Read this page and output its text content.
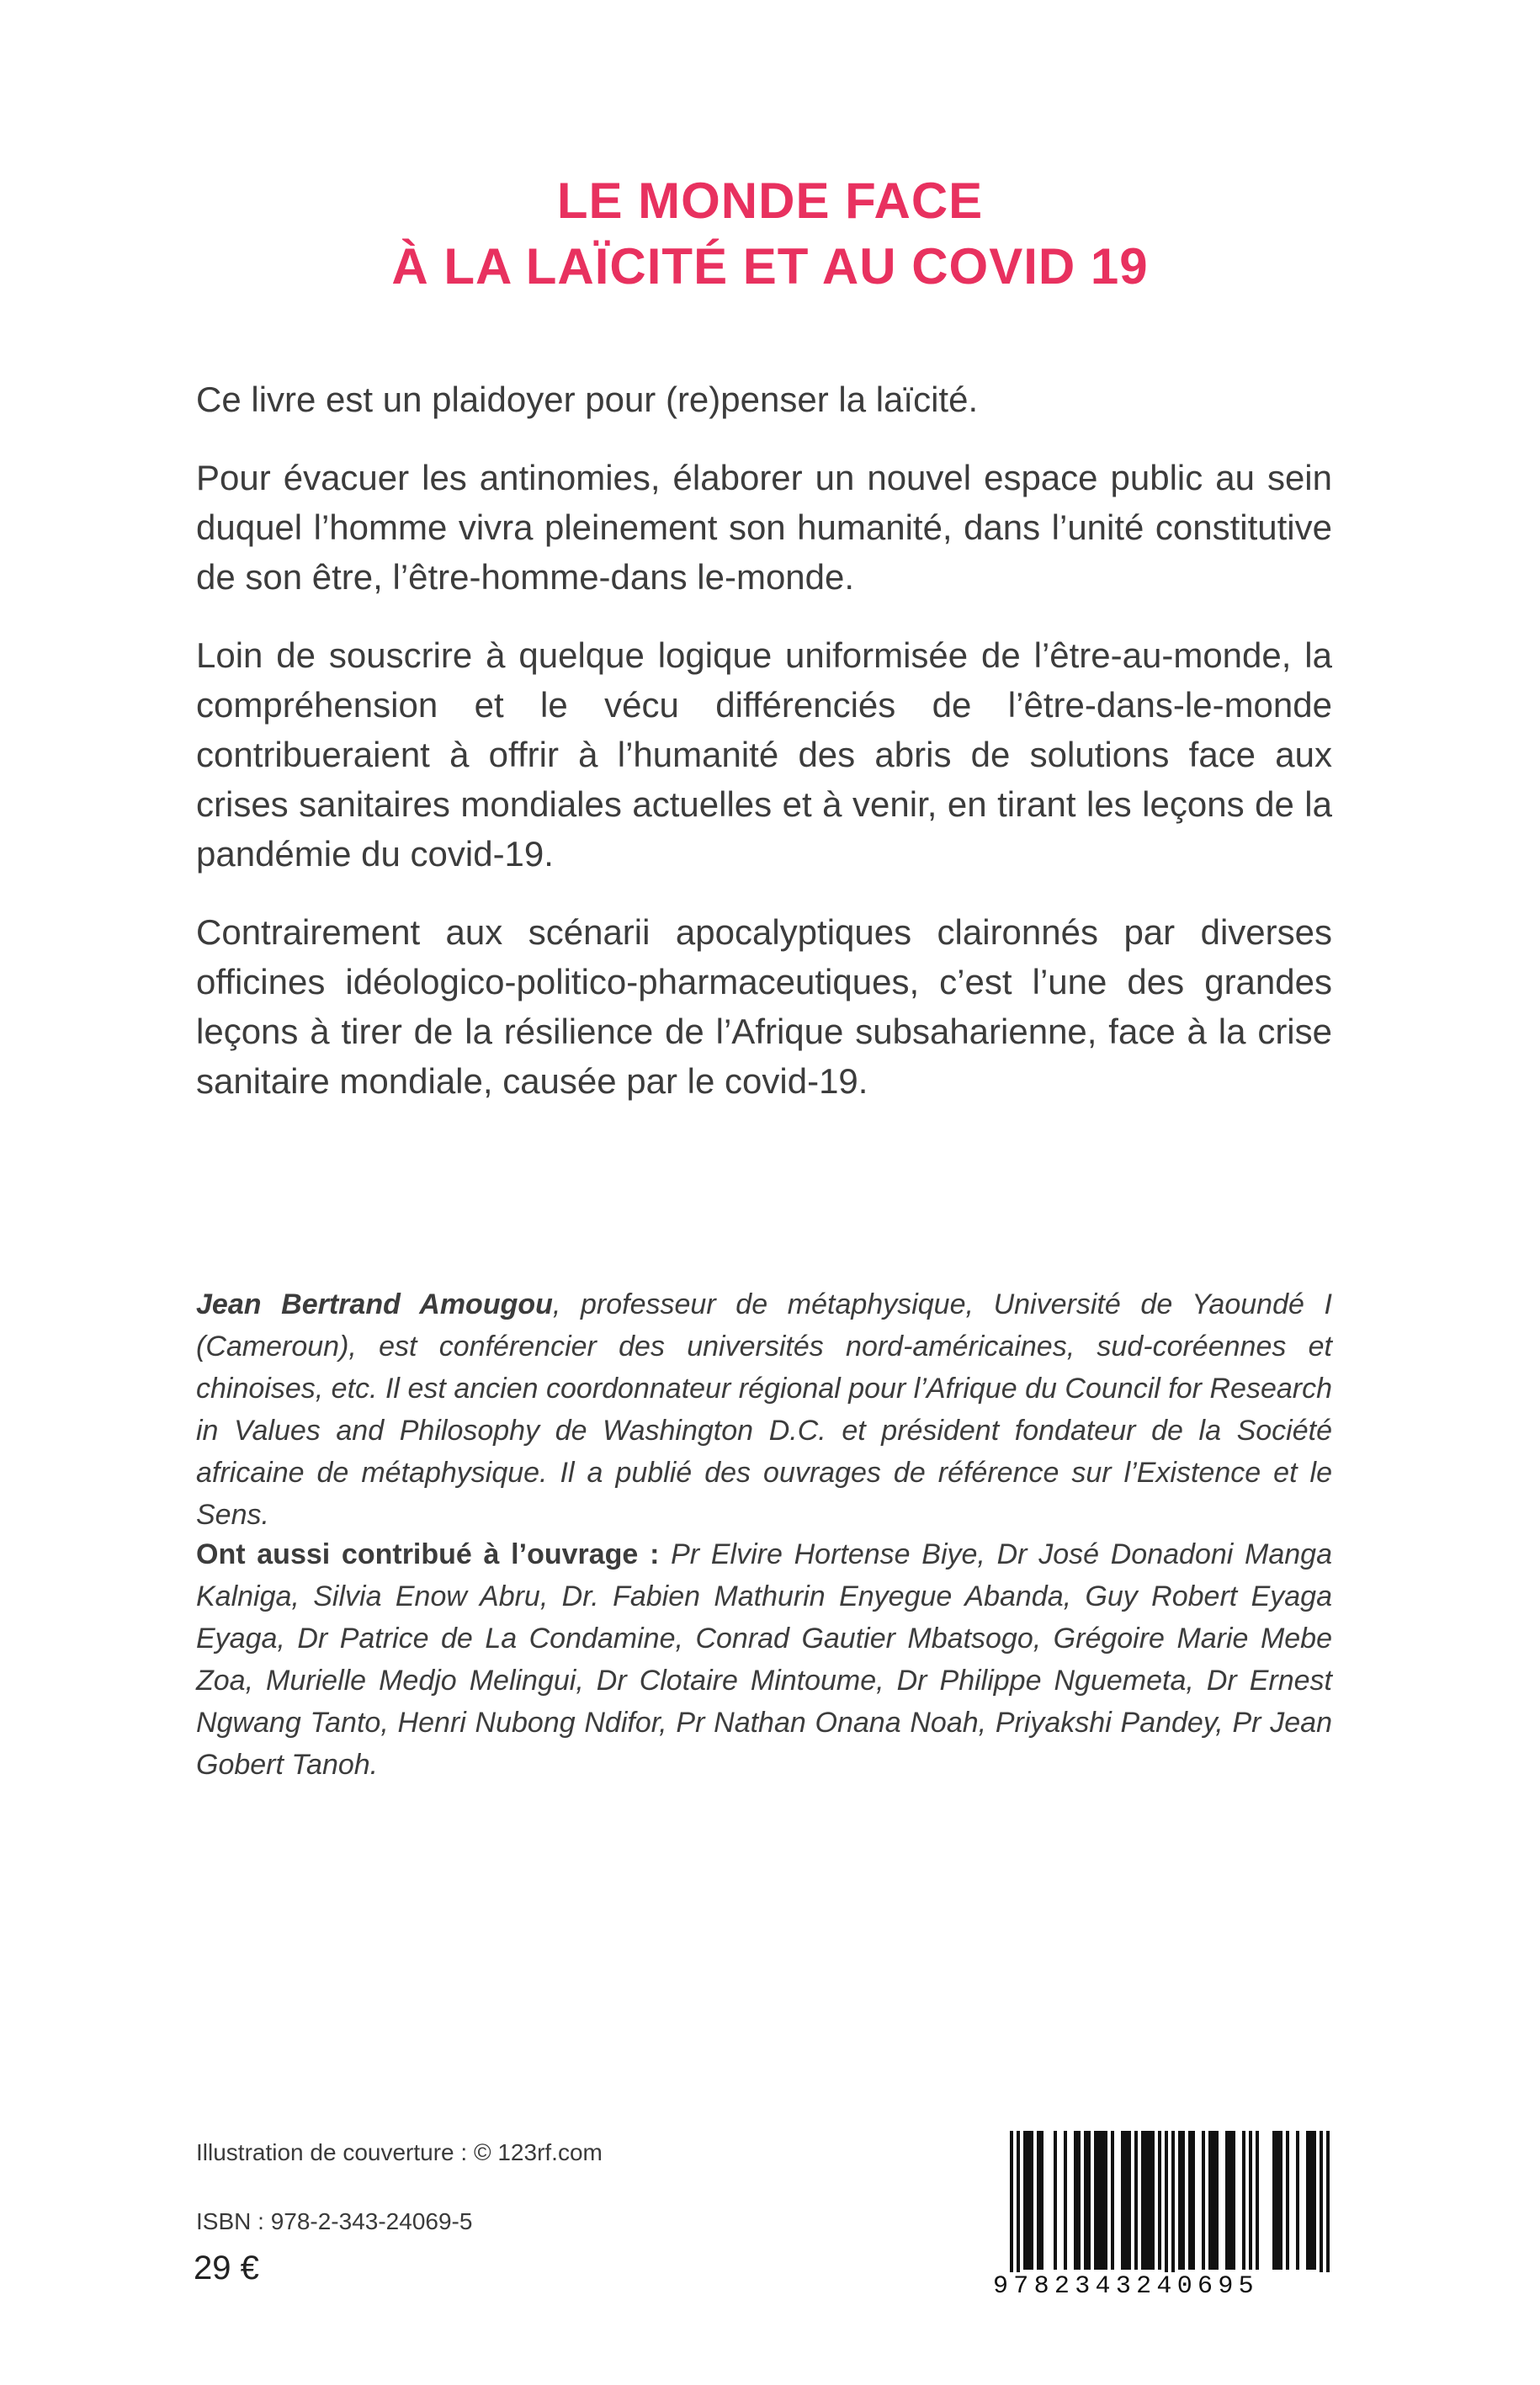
LE MONDE FACE
À LA LAÏCITÉ ET AU COVID 19

Ce livre est un plaidoyer pour (re)penser la laïcité.

Pour évacuer les antinomies, élaborer un nouvel espace public au sein duquel l’homme vivra pleinement son humanité, dans l’unité constitutive de son être, l’être-homme-dans le-monde.

Loin de souscrire à quelque logique uniformisée de l’être-au-monde, la compréhension et le vécu différenciés de l’être-dans-le-monde contribueraient à offrir à l’humanité des abris de solutions face aux crises sanitaires mondiales actuelles et à venir, en tirant les leçons de la pandémie du covid-19.

Contrairement aux scénarii apocalyptiques claironnés par diverses officines idéologico-politico-pharmaceutiques, c’est l’une des grandes leçons à tirer de la résilience de l’Afrique subsaharienne, face à la crise sanitaire mondiale, causée par le covid-19.

Jean Bertrand Amougou, professeur de métaphysique, Université de Yaoundé I (Cameroun), est conférencier des universités nord-américaines, sud-coréennes et chinoises, etc. Il est ancien coordonnateur régional pour l’Afrique du Council for Research in Values and Philosophy de Washington D.C. et président fondateur de la Société africaine de métaphysique. Il a publié des ouvrages de référence sur l’Existence et le Sens.
Ont aussi contribué à l’ouvrage : Pr Elvire Hortense Biye, Dr José Donadoni Manga Kalniga, Silvia Enow Abru, Dr. Fabien Mathurin Enyegue Abanda, Guy Robert Eyaga Eyaga, Dr Patrice de La Condamine, Conrad Gautier Mbatsogo, Grégoire Marie Mebe Zoa, Murielle Medjo Melingui, Dr Clotaire Mintoume, Dr Philippe Nguemeta, Dr Ernest Ngwang Tanto, Henri Nubong Ndifor, Pr Nathan Onana Noah, Priyakshi Pandey, Pr Jean Gobert Tanoh.
Illustration de couverture : © 123rf.com
ISBN : 978-2-343-24069-5
29 €	9782343240695
